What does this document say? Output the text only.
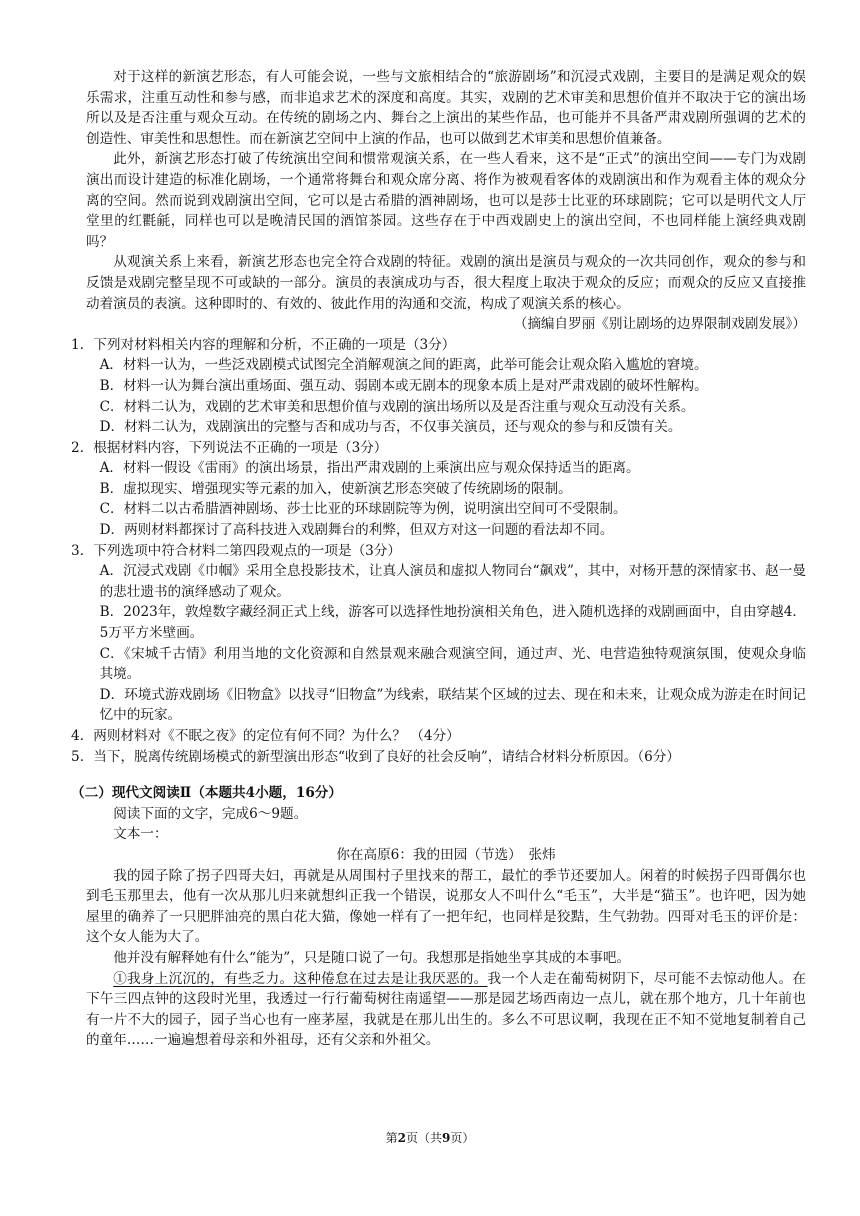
对于这样的新演艺形态，有人可能会说，一些与文旅相结合的“旅游剧场”和沉浸式戏剧，主要目的是满足观众的娱乐需求，注重互动性和参与感，而非追求艺术的深度和高度。其实，戏剧的艺术审美和思想价值并不取决于它的演出场所以及是否注重与观众互动。在传统的剧场之内、舞台之上演出的某些作品，也可能并不具备严肃戏剧所强调的艺术的创造性、审美性和思想性。而在新演艺空间中上演的作品，也可以做到艺术审美和思想价值兼备。

此外，新演艺形态打破了传统演出空间和惯常观演关系，在一些人看来，这不是“正式”的演出空间——专门为戏剧演出而设计建造的标准化剧场，一个通常将舞台和观众席分离、将作为被观看客体的戏剧演出和作为观看主体的观众分离的空间。然而说到戏剧演出空间，它可以是古希腊的酒神剧场，也可以是莎士比亚的环球剧院；它可以是明代文人厅堂里的红氍毹，同样也可以是晚清民国的酒馆茶园。这些存在于中西戏剧史上的演出空间，不也同样能上演经典戏剧吗？

从观演关系上来看，新演艺形态也完全符合戏剧的特征。戏剧的演出是演员与观众的一次共同创作，观众的参与和反馈是戏剧完整呈现不可或缺的一部分。演员的表演成功与否，很大程度上取决于观众的反应；而观众的反应又直接推动着演员的表演。这种即时的、有效的、彼此作用的沟通和交流，构成了观演关系的核心。

（摘编自罗丽《别让剧场的边界限制戏剧发展》）

1．下列对材料相关内容的理解和分析，不正确的一项是（3分）

A．材料一认为，一些泛戏剧模式试图完全消解观演之间的距离，此举可能会让观众陷入尴尬的窘境。

B．材料一认为舞台演出重场面、强互动、弱剧本或无剧本的现象本质上是对严肃戏剧的破坏性解构。

C．材料二认为，戏剧的艺术审美和思想价值与戏剧的演出场所以及是否注重与观众互动没有关系。

D．材料二认为，戏剧演出的完整与否和成功与否，不仅事关演员，还与观众的参与和反馈有关。

2．根据材料内容，下列说法不正确的一项是（3分）

A．材料一假设《雷雨》的演出场景，指出严肃戏剧的上乘演出应与观众保持适当的距离。

B．虚拟现实、增强现实等元素的加入，使新演艺形态突破了传统剧场的限制。

C．材料二以古希腊酒神剧场、莎士比亚的环球剧院等为例，说明演出空间可不受限制。

D．两则材料都探讨了高科技进入戏剧舞台的利弊，但双方对这一问题的看法却不同。

3．下列选项中符合材料二第四段观点的一项是（3分）

A．沉浸式戏剧《巾帼》采用全息投影技术，让真人演员和虚拟人物同台“飙戏”，其中，对杨开慧的深情家书、赵一曼的悲壮遗书的演绎感动了观众。

B．2023年，敦煌数字藏经洞正式上线，游客可以选择性地扮演相关角色，进入随机选择的戏剧画面中，自由穿越4．5万平方米壁画。

C．《宋城千古情》利用当地的文化资源和自然景观来融合观演空间，通过声、光、电营造独特观演氛围，使观众身临其境。

D．环境式游戏剧场《旧物盒》以找寻“旧物盒”为线索，联结某个区域的过去、现在和未来，让观众成为游走在时间记忆中的玩家。

4．两则材料对《不眠之夜》的定位有何不同？为什么？ （4分）

5．当下，脱离传统剧场模式的新型演出形态“收到了良好的社会反响”，请结合材料分析原因。（6分）

（二）现代文阅读Ⅱ（本题共4小题，16分）

阅读下面的文字，完成6～9题。

文本一：

你在高原6：我的田园（节选）　张炜

我的园子除了拐子四哥夫妇，再就是从周围村子里找来的帮工，最忙的季节还要加人。闲着的时候拐子四哥偶尔也到毛玉那里去，他有一次从那儿归来就想纠正我一个错误，说那女人不叫什么“毛玉”，大半是“猫玉”。也许吧，因为她屋里的确养了一只肥胖油亮的黑白花大猫，像她一样有了一把年纪，也同样是狡黠，生气勃勃。四哥对毛玉的评价是：这个女人能为大了。

他并没有解释她有什么“能为”，只是随口说了一句。我想那是指她坐享其成的本事吧。

①我身上沉沉的，有些乏力。这种倦怠在过去是让我厌恶的。我一个人走在葡萄树阴下，尽可能不去惊动他人。在下午三四点钟的这段时光里，我透过一行行葡萄树往南遥望——那是园艺场西南边一点儿，就在那个地方，几十年前也有一片不大的园子，园子当心也有一座茅屋，我就是在那儿出生的。多么不可思议啊，我现在正不知不觉地复制着自己的童年……一遍遍想着母亲和外祖母，还有父亲和外祖父。

第2页（共9页）
